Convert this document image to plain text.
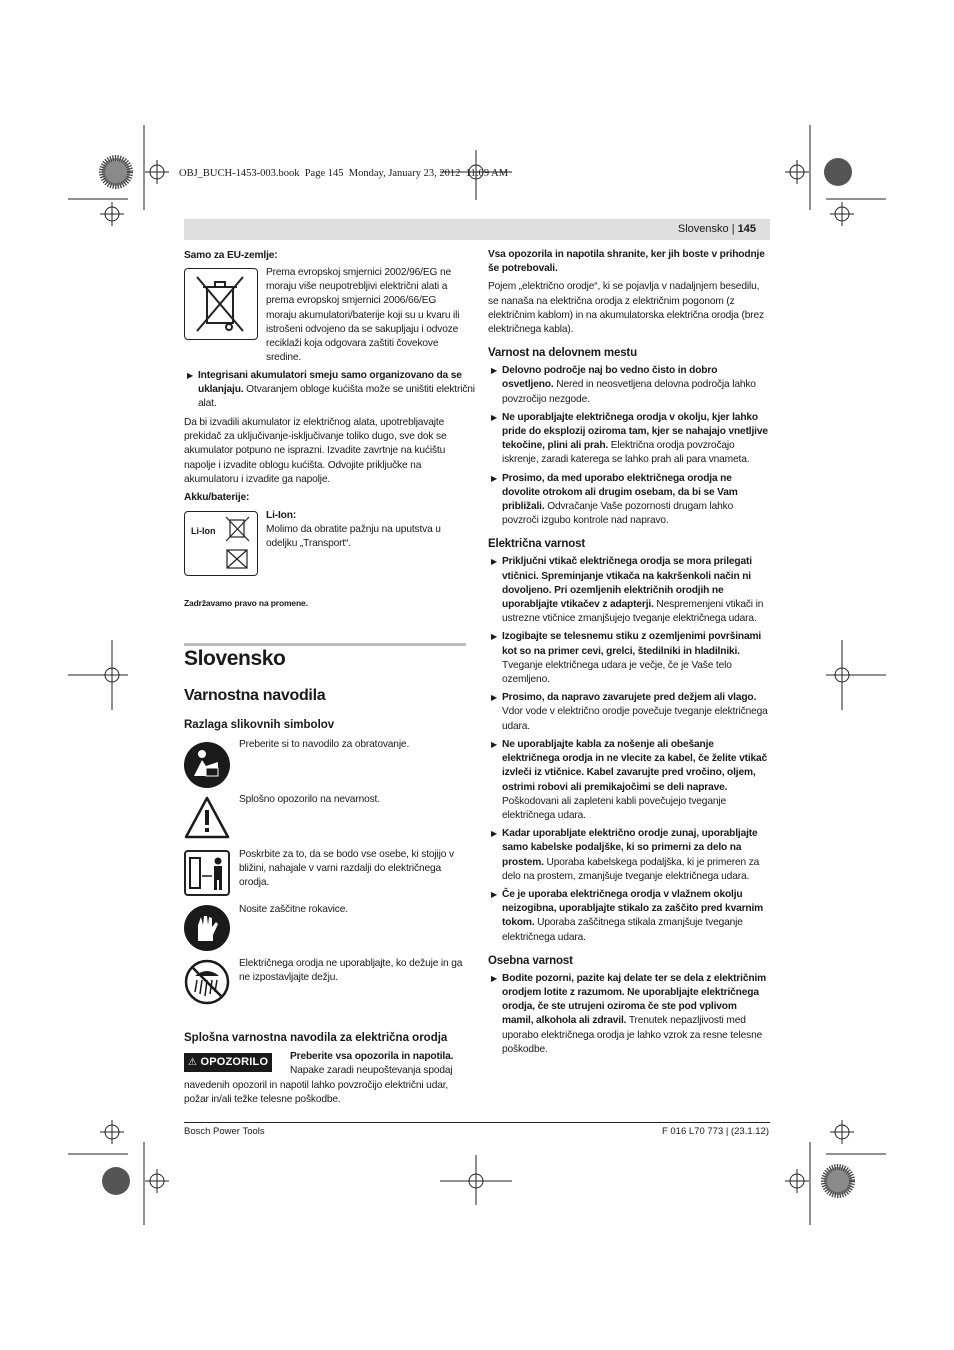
OBJ_BUCH-1453-003.book  Page 145  Monday, January 23, 2012  11:09 AM
Slovensko | 145
Samo za EU-zemlje:
Prema evropskoj smjernici 2002/96/EG ne moraju više neupotrebljivi električni alati a prema evropskoj smjernici 2006/66/EG moraju akumulatori/baterije koji su u kvaru ili istrošeni odvojeno da se sakupljaju i odvoze reciklaži koja odgovara zaštiti čovekove sredine.
▶ Integrisani akumulatori smeju samo organizovano da se uklanjaju. Otvaranjem obloge kućišta može se uništiti električni alat.
Da bi izvadili akumulator iz električnog alata, upotrebljavajte prekidač za uključivanje-isključivanje toliko dugo, sve dok se akumulator potpuno ne isprazni. Izvadite zavrtnje na kućištu napolje i izvadite oblogu kućišta. Odvojite priključke na akumulatoru i izvadite ga napolje.
Akku/baterije:
Li-Ion
Li-Ion:
Molimo da obratite pažnju na uputstva u odeljku „Transport“.
Zadržavamo pravo na promene.
Slovensko
Varnostna navodila
Razlaga slikovnih simbolov
Preberite si to navodilo za obratovanje.
Splošno opozorilo na nevarnost.
Poskrbite za to, da se bodo vse osebe, ki stojijo v bližini, nahajale v varni razdalji do električnega orodja.
Nosite zaščitne rokavice.
Električnega orodja ne uporabljajte, ko dežuje in ga ne izpostavljajte dežju.
Splošna varnostna navodila za električna orodja
⚠ OPOZORILO	Preberite vsa opozorila in napotila.
Napake zaradi neupoštevanja spodaj
navedenih opozoril in napotil lahko povzročijo električni udar, požar in/ali težke telesne poškodbe.

Vsa opozorila in napotila shranite, ker jih boste v prihodnje še potrebovali.

Pojem „električno orodje“, ki se pojavlja v nadaljnjem besedilu, se nanaša na električna orodja z električnim pogonom (z električnim kablom) in na akumulatorska električna orodja (brez električnega kabla).

Varnost na delovnem mestu

▶ Delovno področje naj bo vedno čisto in dobro osvetljeno. Nered in neosvetljena delovna področja lahko povzročijo nezgode.

▶ Ne uporabljajte električnega orodja v okolju, kjer lahko pride do eksplozij oziroma tam, kjer se nahajajo vnetljive tekočine, plini ali prah. Električna orodja povzročajo iskrenje, zaradi katerega se lahko prah ali para vnameta.

▶ Prosimo, da med uporabo električnega orodja ne dovolite otrokom ali drugim osebam, da bi se Vam približali. Odvračanje Vaše pozornosti drugam lahko povzroči izgubo kontrole nad napravo.

Električna varnost

▶ Priključni vtikač električnega orodja se mora prilegati vtičnici. Spreminjanje vtikača na kakršenkoli način ni dovoljeno. Pri ozemljenih električnih orodjih ne uporabljajte vtikačev z adapterji. Nespremenjeni vtikači in ustrezne vtičnice zmanjšujejo tveganje električnega udara.

▶ Izogibajte se telesnemu stiku z ozemljenimi površinami kot so na primer cevi, grelci, štedilniki in hladilniki. Tveganje električnega udara je večje, če je Vaše telo ozemljeno.

▶ Prosimo, da napravo zavarujete pred dežjem ali vlago. Vdor vode v električno orodje povečuje tveganje električnega udara.

▶ Ne uporabljajte kabla za nošenje ali obešanje električnega orodja in ne vlecite za kabel, če želite vtikač izvleči iz vtičnice. Kabel zavarujte pred vročino, oljem, ostrimi robovi ali premikajočimi se deli naprave. Poškodovani ali zapleteni kabli povečujejo tveganje električnega udara.

▶ Kadar uporabljate električno orodje zunaj, uporabljajte samo kabelske podaljške, ki so primerni za delo na prostem. Uporaba kabelskega podaljška, ki je primeren za delo na prostem, zmanjšuje tveganje električnega udara.

▶ Če je uporaba električnega orodja v vlažnem okolju neizogibna, uporabljajte stikalo za zaščito pred kvarnim tokom. Uporaba zaščitnega stikala zmanjšuje tveganje električnega udara.

Osebna varnost

▶ Bodite pozorni, pazite kaj delate ter se dela z električnim orodjem lotite z razumom. Ne uporabljajte električnega orodja, če ste utrujeni oziroma če ste pod vplivom mamil, alkohola ali zdravil. Trenutek nepazljivosti med uporabo električnega orodja je lahko vzrok za resne telesne poškodbe.

Bosch Power Tools	F 016 L70 773 | (23.1.12)
